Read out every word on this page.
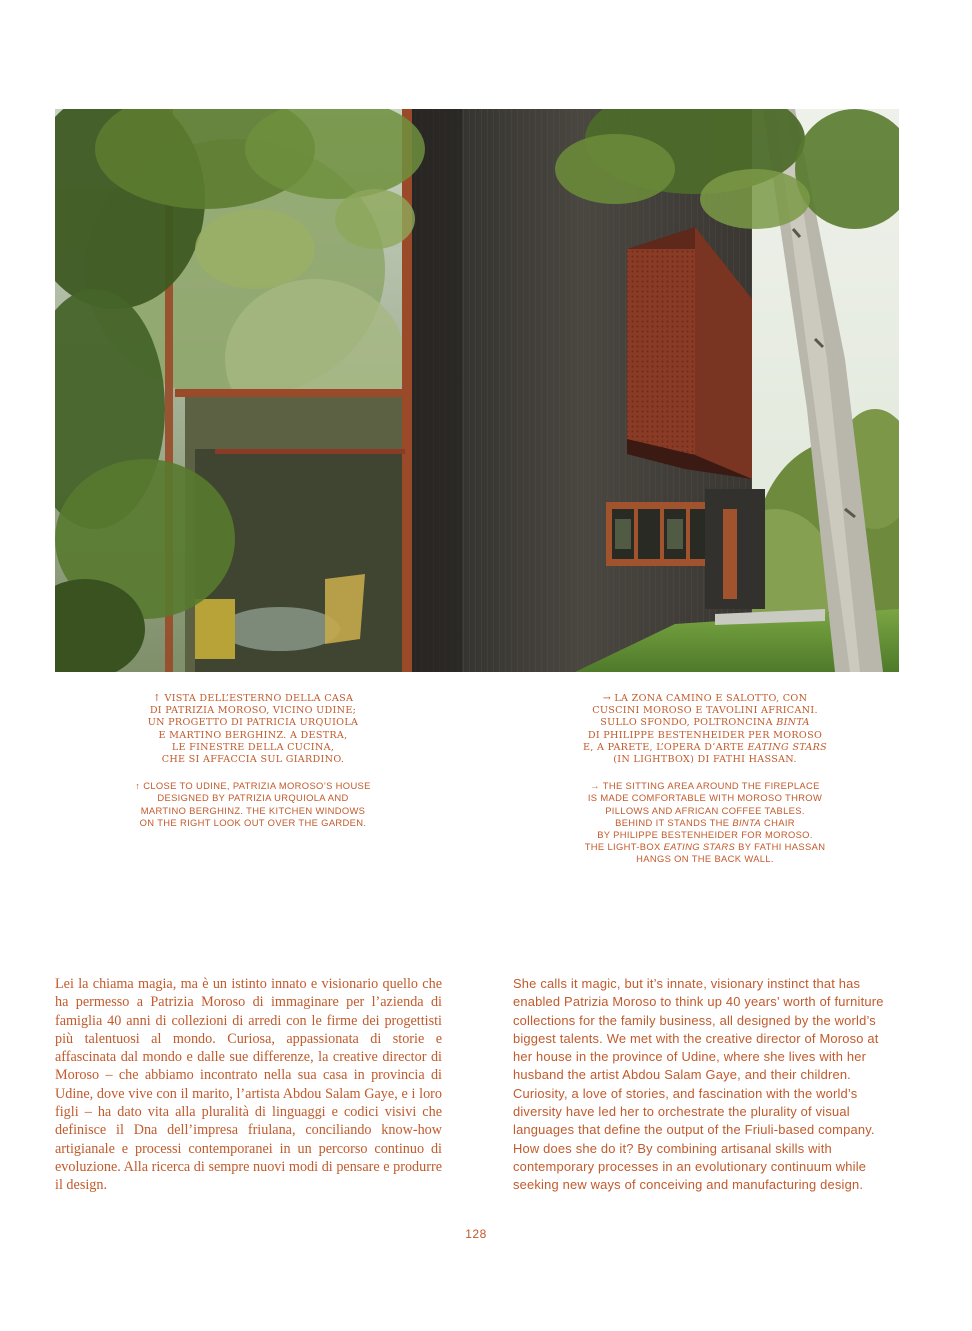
↑ VISTA DELL’ESTERNO DELLA CASA
DI PATRIZIA MOROSO, VICINO UDINE;
UN PROGETTO DI PATRICIA URQUIOLA
E MARTINO BERGHINZ. A DESTRA,
LE FINESTRE DELLA CUCINA,
CHE SI AFFACCIA SUL GIARDINO.

↑ CLOSE TO UDINE, PATRIZIA MOROSO’S HOUSE
DESIGNED BY PATRIZIA URQUIOLA AND
MARTINO BERGHINZ. THE KITCHEN WINDOWS
ON THE RIGHT LOOK OUT OVER THE GARDEN.

→ LA ZONA CAMINO E SALOTTO, CON
CUSCINI MOROSO E TAVOLINI AFRICANI.
SULLO SFONDO, POLTRONCINA BINTA
DI PHILIPPE BESTENHEIDER PER MOROSO
E, A PARETE, L’OPERA D’ARTE EATING STARS
(IN LIGHTBOX) DI FATHI HASSAN.

→ THE SITTING AREA AROUND THE FIREPLACE
IS MADE COMFORTABLE WITH MOROSO THROW
PILLOWS AND AFRICAN COFFEE TABLES.
BEHIND IT STANDS THE BINTA CHAIR
BY PHILIPPE BESTENHEIDER FOR MOROSO.
THE LIGHT-BOX EATING STARS BY FATHI HASSAN
HANGS ON THE BACK WALL.

Lei la chiama magia, ma è un istinto innato e visionario quello che ha permesso a Patrizia Moroso di immaginare per l’azienda di famiglia 40 anni di collezioni di arredi con le firme dei progettisti più talentuosi al mondo. Curiosa, appassionata di storie e affascinata dal mondo e dalle sue differenze, la creative director di Moroso – che abbiamo incontrato nella sua casa in provincia di Udine, dove vive con il marito, l’artista Abdou Salam Gaye, e i loro figli – ha dato vita alla pluralità di linguaggi e codici visivi che definisce il Dna dell’impresa friulana, conciliando know-how artigianale e processi contemporanei in un percorso continuo di evoluzione. Alla ricerca di sempre nuovi modi di pensare e produrre il design.

She calls it magic, but it’s innate, visionary instinct that has enabled Patrizia Moroso to think up 40 years’ worth of furniture collections for the family business, all designed by the world’s biggest talents. We met with the creative director of Moroso at her house in the province of Udine, where she lives with her husband the artist Abdou Salam Gaye, and their children. Curiosity, a love of stories, and fascination with the world’s diversity have led her to orchestrate the plurality of visual languages that define the output of the Friuli-based company. How does she do it? By combining artisanal skills with contemporary processes in an evolutionary continuum while seeking new ways of conceiving and manufacturing design.

128
